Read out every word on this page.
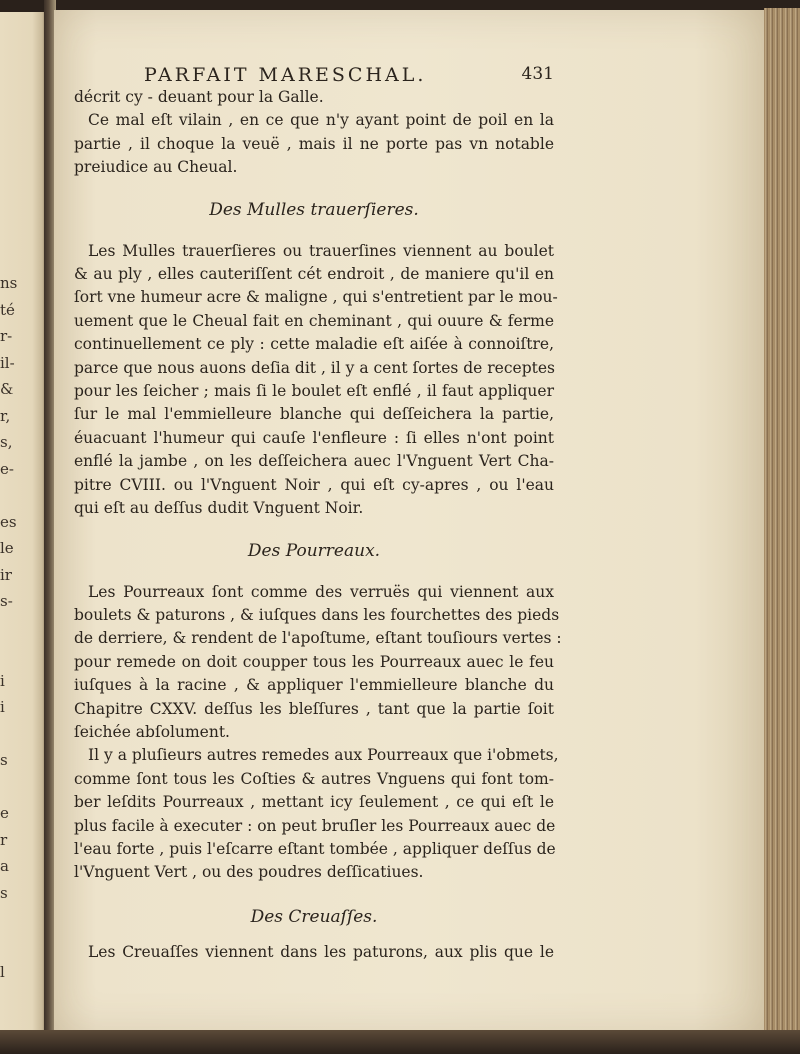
ns
té
r-
il-
&
r,
s,
e-
es
le
ir
s-
i
i
s
e
r
a
s
l
PARFAIT MARESCHAL.	431
décrit cy - deuant pour la Galle.
Ce mal eſt vilain , en ce que n'y ayant point de poil en la
partie , il choque la veuë , mais il ne porte pas vn notable
preiudice au Cheual.
Des Mulles trauerſieres.
Les Mulles trauerſieres ou trauerſines viennent au boulet
& au ply , elles cauteriſſent cét endroit , de maniere qu'il en
ſort vne humeur acre & maligne , qui s'entretient par le mou-
uement que le Cheual fait en cheminant , qui ouure & ferme
continuellement ce ply : cette maladie eſt aiſée à connoiſtre,
parce que nous auons deſia dit , il y a cent ſortes de receptes
pour les ſeicher ; mais ſi le boulet eſt enflé , il faut appliquer
ſur le mal l'emmielleure blanche qui deſſeichera la partie,
éuacuant l'humeur qui cauſe l'enfleure : ſi elles n'ont point
enflé la jambe , on les deſſeichera auec l'Vnguent Vert Cha-
pitre CVIII. ou l'Vnguent Noir , qui eſt cy-apres , ou l'eau
qui eſt au deſſus dudit Vnguent Noir.
Des Pourreaux.
Les Pourreaux ſont comme des verruës qui viennent aux
boulets & paturons , & iuſques dans les fourchettes des pieds
de derriere, & rendent de l'apoſtume, eſtant touſiours vertes :
pour remede on doit coupper tous les Pourreaux auec le feu
iuſques à la racine , & appliquer l'emmielleure blanche du
Chapitre CXXV. deſſus les bleſſures , tant que la partie ſoit
ſeichée abſolument.
Il y a pluſieurs autres remedes aux Pourreaux que i'obmets,
comme ſont tous les Coſties & autres Vnguens qui font tom-
ber leſdits Pourreaux , mettant icy ſeulement , ce qui eſt le
plus facile à executer : on peut bruſler les Pourreaux auec de
l'eau forte , puis l'eſcarre eſtant tombée , appliquer deſſus de
l'Vnguent Vert , ou des poudres deſſicatiues.
Des Creuaſſes.
Les Creuaſſes viennent dans les paturons, aux plis que le
